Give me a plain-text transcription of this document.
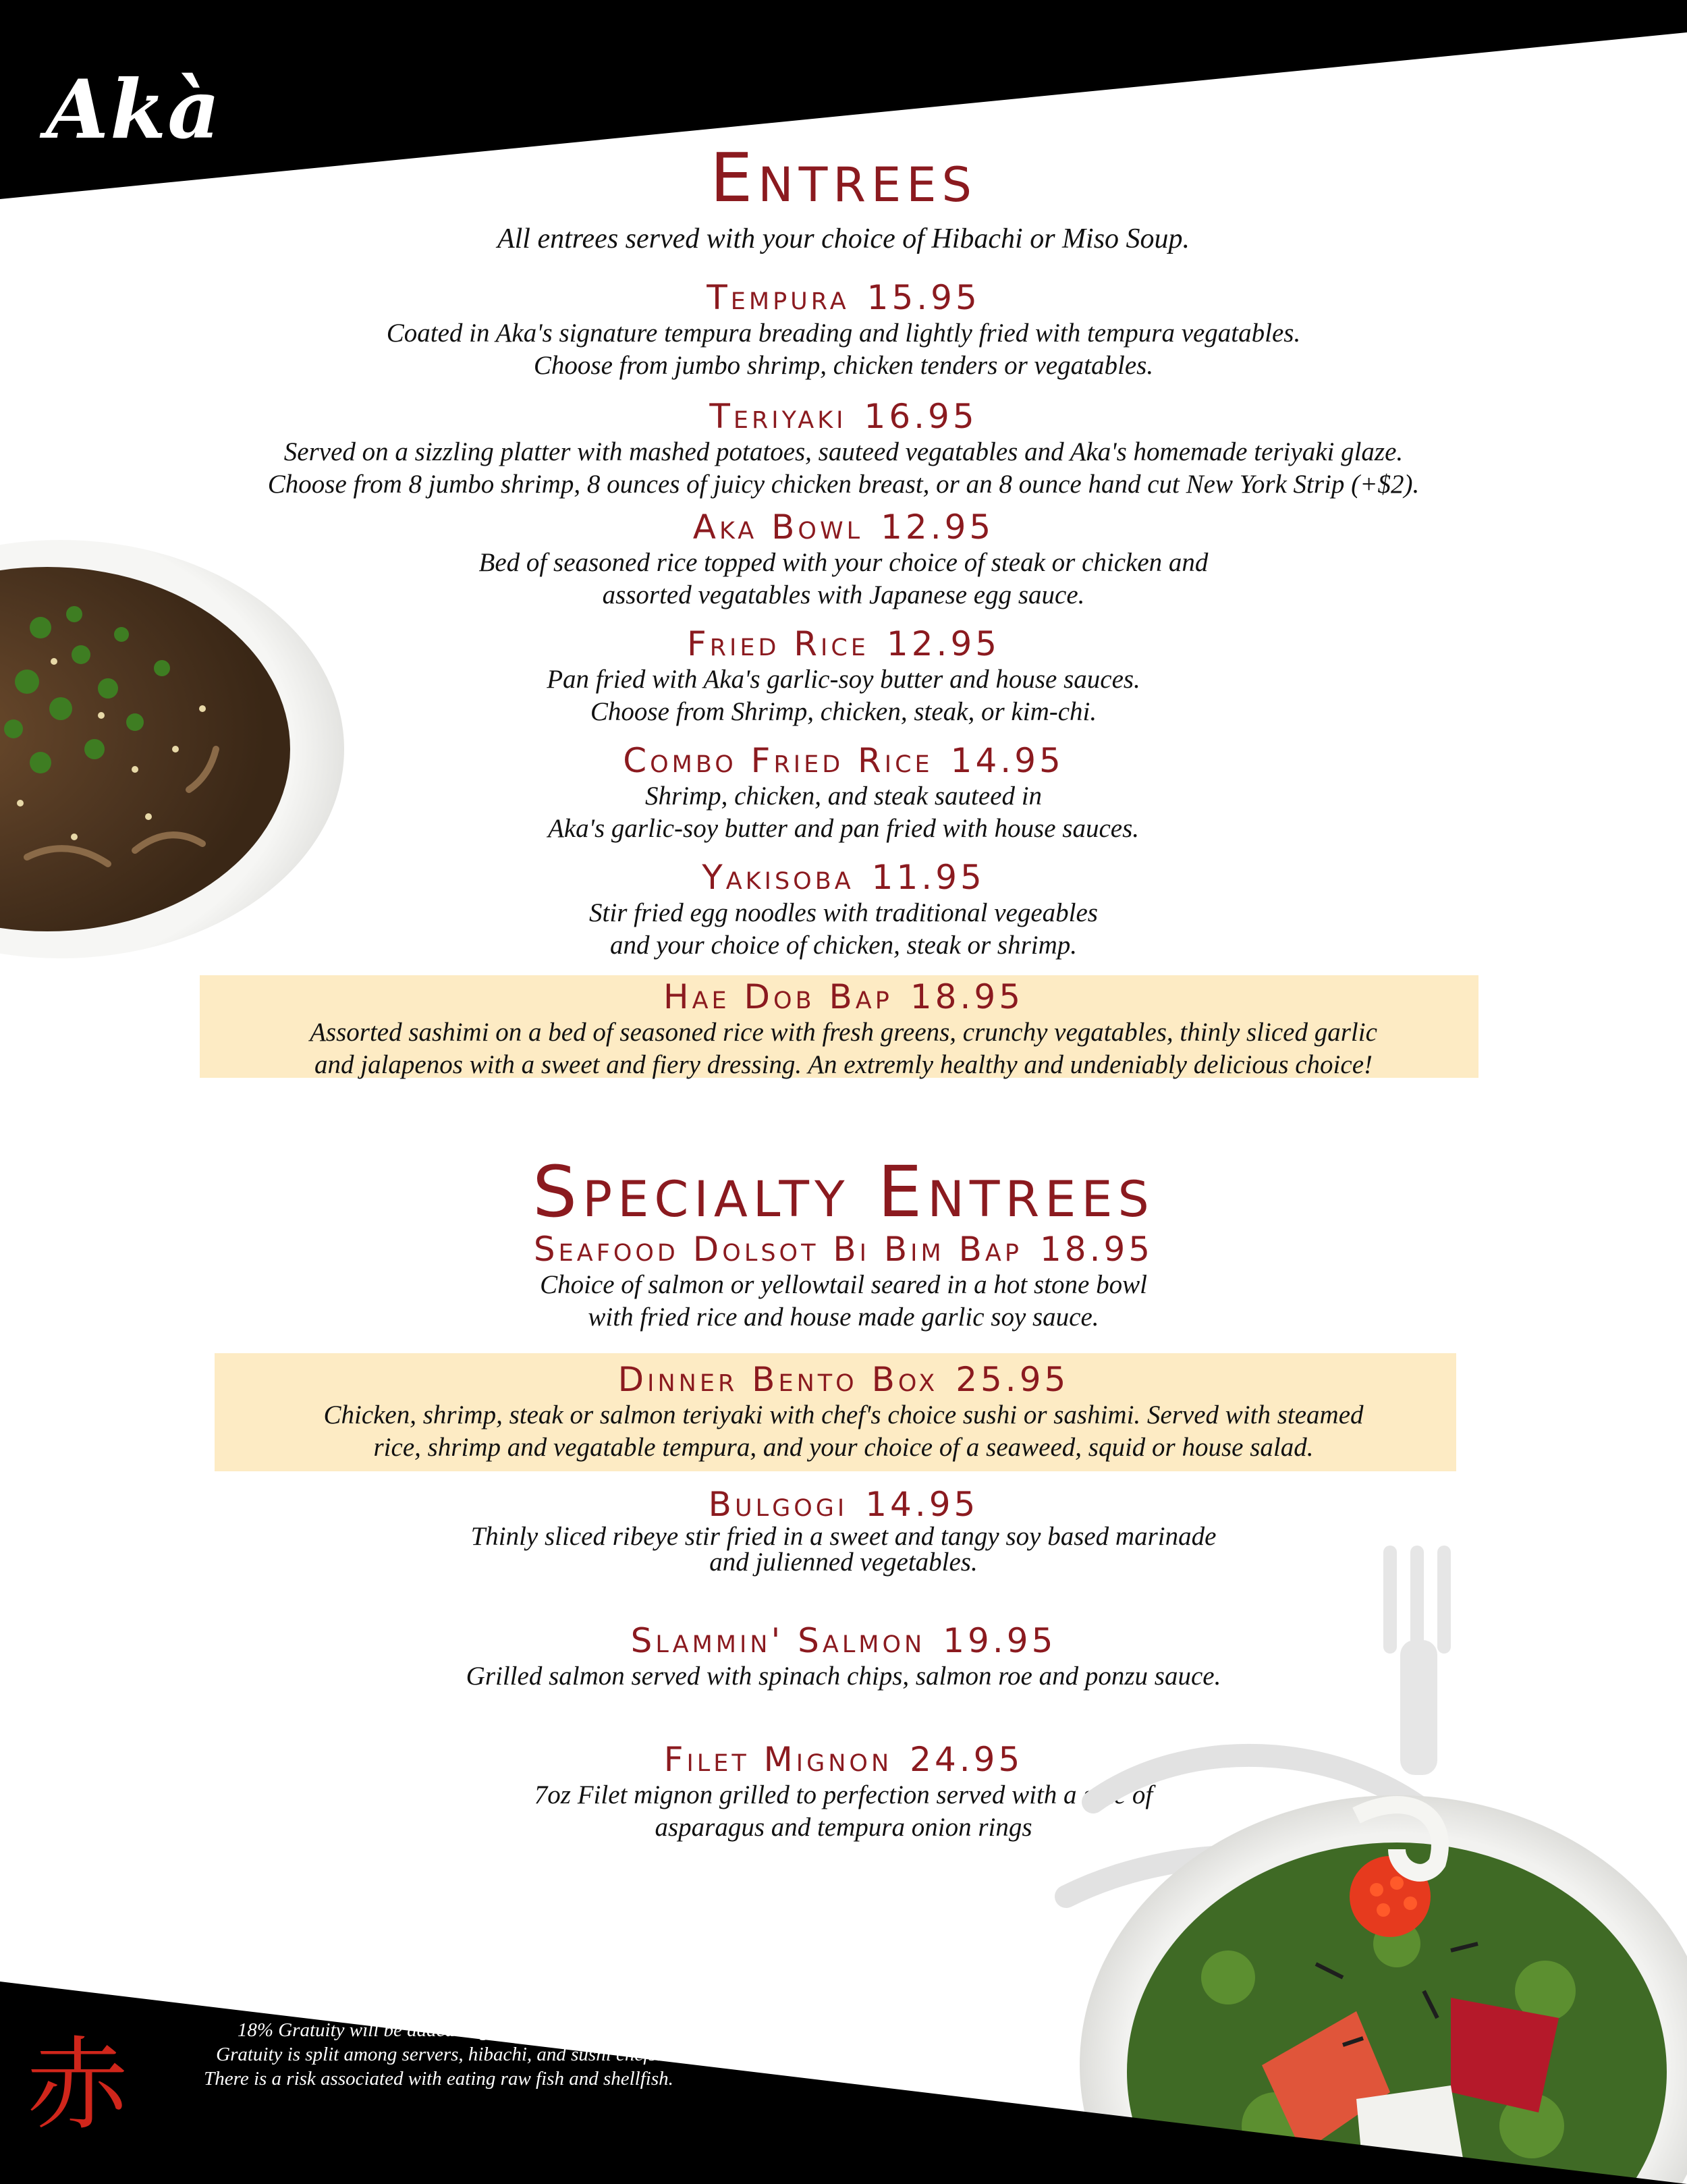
Akà
Entrees
All entrees served with your choice of Hibachi or Miso Soup.
Tempura 15.95
Coated in Aka's signature tempura breading and lightly fried with tempura vegatables.
Choose from jumbo shrimp, chicken tenders or vegatables.
Teriyaki 16.95
Served on a sizzling platter with mashed potatoes, sauteed vegatables and Aka's homemade teriyaki glaze.
Choose from 8 jumbo shrimp, 8 ounces of juicy chicken breast, or an 8 ounce hand cut New York Strip (+$2).
Aka Bowl 12.95
Bed of seasoned rice topped with your choice of steak or chicken and
assorted vegatables with Japanese egg sauce.
Fried Rice 12.95
Pan fried with Aka's garlic-soy butter and house sauces.
Choose from Shrimp, chicken, steak, or kim-chi.
Combo Fried Rice 14.95
Shrimp, chicken, and steak sauteed in
Aka's garlic-soy butter and pan fried with house sauces.
Yakisoba 11.95
Stir fried egg noodles with traditional vegeables
and your choice of chicken, steak or shrimp.
Hae Dob Bap 18.95
Assorted sashimi on a bed of seasoned rice with fresh greens, crunchy vegatables, thinly sliced garlic
and jalapenos with a sweet and fiery dressing. An extremly healthy and undeniably delicious choice!
Specialty Entrees
Seafood Dolsot Bi Bim Bap 18.95
Choice of salmon or yellowtail seared in a hot stone bowl
with fried rice and house made garlic soy sauce.
Dinner Bento Box 25.95
Chicken, shrimp, steak or salmon teriyaki with chef's choice sushi or sashimi. Served with steamed
rice, shrimp and vegatable tempura, and your choice of a seaweed, squid or house salad.
Bulgogi 14.95
Thinly sliced ribeye stir fried in a sweet and tangy soy based marinade
and julienned vegetables.
Slammin' Salmon 19.95
Grilled salmon served with spinach chips, salmon roe and ponzu sauce.
Filet Mignon 24.95
7oz Filet mignon grilled to perfection served with a side of
asparagus and tempura onion rings
赤	18% Gratuity will be added to groups of 5 or more.
Gratuity is split among servers, hibachi, and sushi chefs.
There is a risk associated with eating raw fish and shellfish.
